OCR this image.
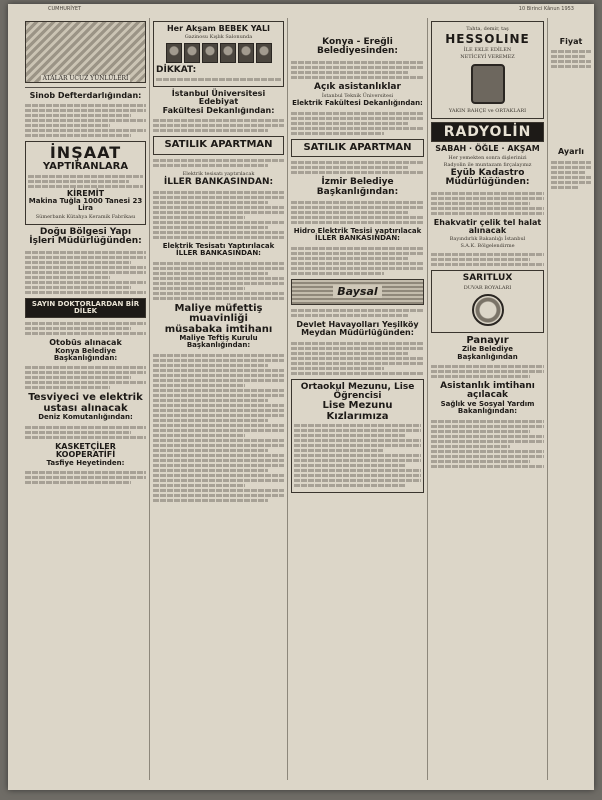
CUMHURİYET	10 Birinci Kânun 1953
ATALAR UCUZ YÜNLÜLERİ
Sinob Defterdarlığından:
İNŞAAT
YAPTIRANLARA
KİREMİT
Makina Tuğla 1000 Tanesi 23 Lira
Sümerbank Kütahya Keramik Fabrikası
Doğu Bölgesi Yapı
İşleri Müdürlüğünden:
SAYIN DOKTORLARDAN BİR DİLEK
Otobüs alınacak
Konya Belediye Başkanlığından:
Tesviyeci ve elektrik
ustası alınacak
Deniz Komutanlığından:
KASKETÇİLER KOOPERATİFİ
Tasfiye Heyetinden:
Her Akşam BEBEK YALI
Gazinosu Kışlık Salonunda
DİKKAT:
İstanbul Üniversitesi Edebiyat
Fakültesi Dekanlığından:
SATILIK APARTMAN
Elektrik tesisatı yaptırılacak
İLLER BANKASINDAN:
Elektrik Tesisatı Yaptırılacak
İLLER BANKASINDAN:
Maliye müfettiş muavinliği
müsabaka imtihanı
Maliye Teftiş Kurulu Başkanlığından:
Konya - Ereğli
Belediyesinden:
Açık asistanlıklar
İstanbul Teknik Üniversitesi
Elektrik Fakültesi Dekanlığından:
SATILIK APARTMAN
İzmir Belediye
Başkanlığından:
Hidro Elektrik Tesisi yaptırılacak
İLLER BANKASINDAN:
Baysal
Devlet Havayolları Yeşilköy
Meydan Müdürlüğünden:
Ortaokul Mezunu, Lise Öğrencisi
Lise Mezunu Kızlarımıza
Tahta, demir, taş
HESSOLINE
İLE EKLE EDİLEN
NETİCEYİ VEREMEZ
YAKIN BAHÇE ve ORTAKLARI
RADYOLİN
SABAH · ÖĞLE · AKŞAM
Her yemekten sonra dişlerinizi
Radyolin ile muntazam fırçalayınız
Eyüb Kadastro
Müdürlüğünden:
Ehakvatir çelik tel halat
alınacak
Bayındırlık Bakanlığı İstanbul
S.A.K. Bölgelendirme
SARITLUX
DUVAR BOYALARI
Panayır
Zile Belediye Başkanlığından
Asistanlık imtihanı açılacak
Sağlık ve Sosyal Yardım Bakanlığından:
Fiyat
Ayarlı
